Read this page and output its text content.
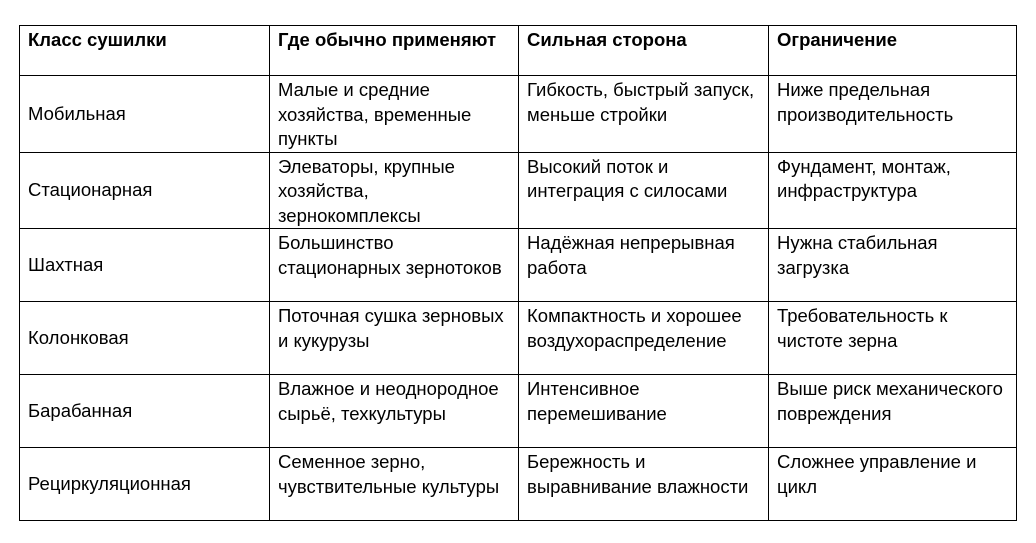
Класс сушилки	Где обычно применяют	Сильная сторона	Ограничение
Мобильная	Малые и средние хозяйства, временные пункты	Гибкость, быстрый запуск, меньше стройки	Ниже предельная производительность
Стационарная	Элеваторы, крупные хозяйства, зернокомплексы	Высокий поток и интеграция с силосами	Фундамент, монтаж, инфраструктура
Шахтная	Большинство стационарных зернотоков	Надёжная непрерывная работа	Нужна стабильная загрузка
Колонковая	Поточная сушка зерновых и кукурузы	Компактность и хорошее воздухораспределение	Требовательность к чистоте зерна
Барабанная	Влажное и неоднородное сырьё, техкультуры	Интенсивное перемешивание	Выше риск механического повреждения
Рециркуляционная	Семенное зерно, чувствительные культуры	Бережность и выравнивание влажности	Сложнее управление и цикл
